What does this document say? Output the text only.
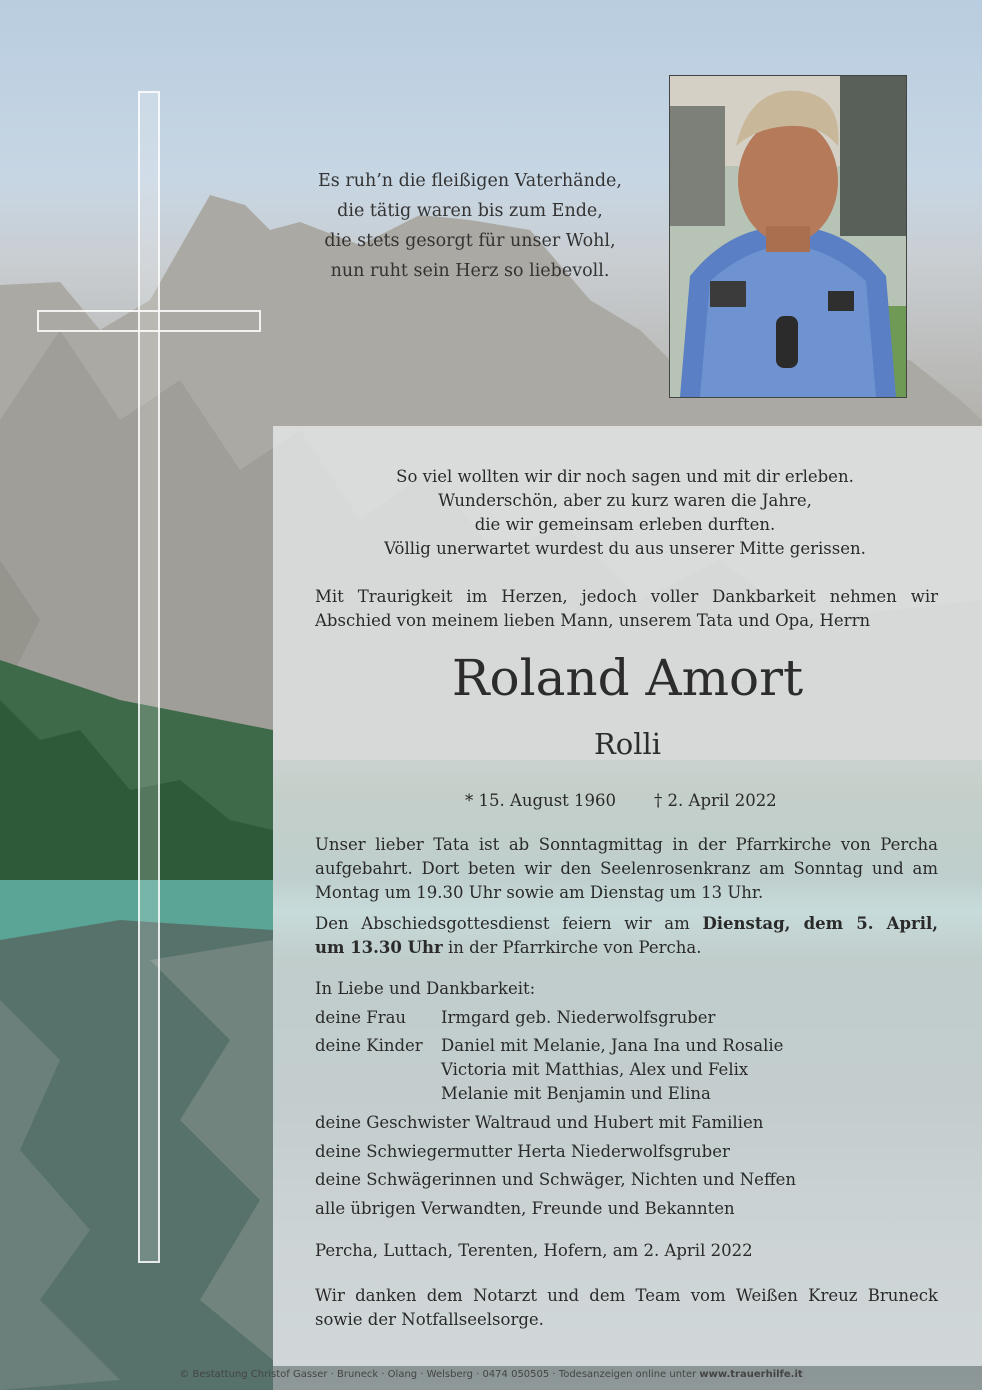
Es ruh’n die fleißigen Vaterhände,
die tätig waren bis zum Ende,
die stets gesorgt für unser Wohl,
nun ruht sein Herz so liebevoll.
So viel wollten wir dir noch sagen und mit dir erleben.
Wunderschön, aber zu kurz waren die Jahre,
die wir gemeinsam erleben durften.
Völlig unerwartet wurdest du aus unserer Mitte gerissen.
Mit Traurigkeit im Herzen, jedoch voller Dankbarkeit nehmen wir
Abschied von meinem lieben Mann, unserem Tata und Opa, Herrn
Roland Amort
Rolli
* 15. August 1960 † 2. April 2022
Unser lieber Tata ist ab Sonntagmittag in der Pfarrkirche von Percha
aufgebahrt. Dort beten wir den Seelenrosenkranz am Sonntag und am
Montag um 19.30 Uhr sowie am Dienstag um 13 Uhr.
Den Abschiedsgottesdienst feiern wir am Dienstag, dem 5. April,
um 13.30 Uhr in der Pfarrkirche von Percha.
In Liebe und Dankbarkeit:
deine Frau Irmgard geb. Niederwolfsgruber
deine Kinder Daniel mit Melanie, Jana Ina und Rosalie
Victoria mit Matthias, Alex und Felix
Melanie mit Benjamin und Elina
deine Geschwister Waltraud und Hubert mit Familien
deine Schwiegermutter Herta Niederwolfsgruber
deine Schwägerinnen und Schwäger, Nichten und Neffen
alle übrigen Verwandten, Freunde und Bekannten
Percha, Luttach, Terenten, Hofern, am 2. April 2022
Wir danken dem Notarzt und dem Team vom Weißen Kreuz Bruneck
sowie der Notfallseelsorge.
© Bestattung Christof Gasser · Bruneck · Olang · Welsberg · 0474 050505 · Todesanzeigen online unter www.trauerhilfe.it
